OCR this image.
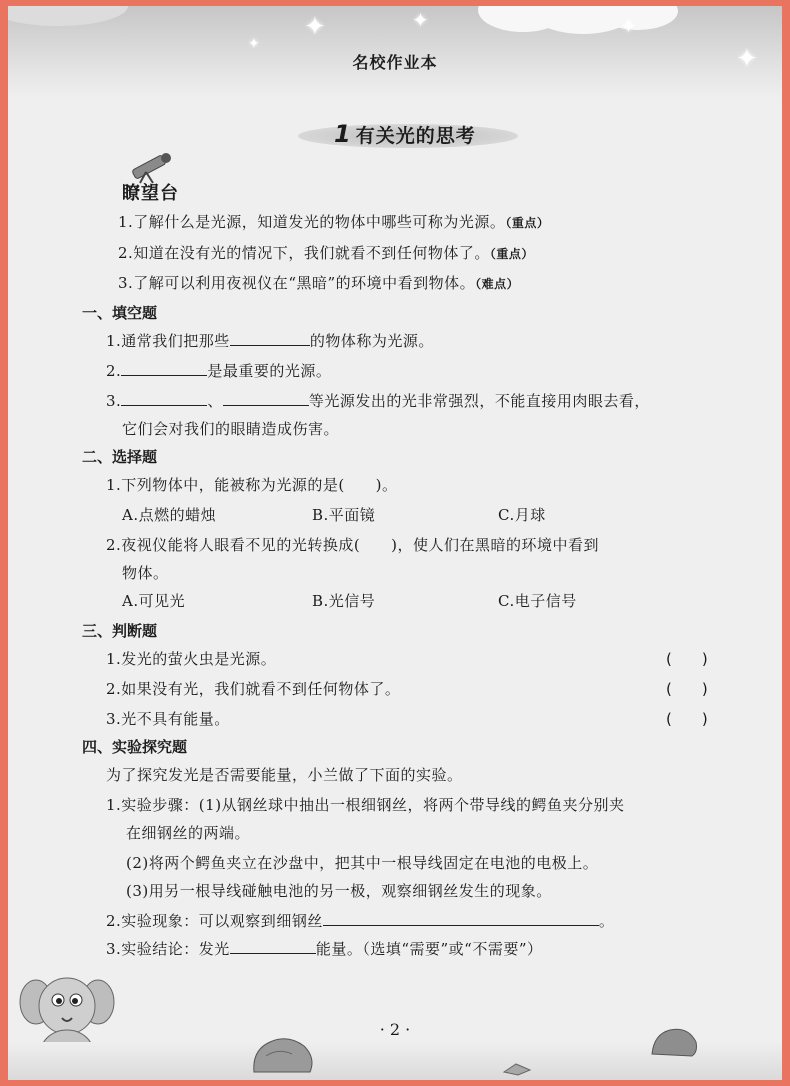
✦	✦	✦
✦
✦
名校作业本
1 有关光的思考
瞭望台
1.了解什么是光源，知道发光的物体中哪些可称为光源。（重点）
2.知道在没有光的情况下，我们就看不到任何物体了。（重点）
3.了解可以利用夜视仪在“黑暗”的环境中看到物体。（难点）
一、填空题
1.通常我们把那些	的物体称为光源。
2.	是最重要的光源。
3.	、	等光源发出的光非常强烈，不能直接用肉眼去看，
它们会对我们的眼睛造成伤害。
二、选择题
1.下列物体中，能被称为光源的是(　　)。
A.点燃的蜡烛	B.平面镜	C.月球
2.夜视仪能将人眼看不见的光转换成(　　)，使人们在黑暗的环境中看到
物体。
A.可见光	B.光信号	C.电子信号
三、判断题
1.发光的萤火虫是光源。	(　　)
2.如果没有光，我们就看不到任何物体了。	(　　)
3.光不具有能量。	(　　)
四、实验探究题
为了探究发光是否需要能量，小兰做了下面的实验。
1.实验步骤：(1)从钢丝球中抽出一根细钢丝，将两个带导线的鳄鱼夹分别夹
在细钢丝的两端。
(2)将两个鳄鱼夹立在沙盘中，把其中一根导线固定在电池的电极上。
(3)用另一根导线碰触电池的另一极，观察细钢丝发生的现象。
2.实验现象：可以观察到细钢丝	。
3.实验结论：发光	能量。（选填“需要”或“不需要”）
· 2 ·
